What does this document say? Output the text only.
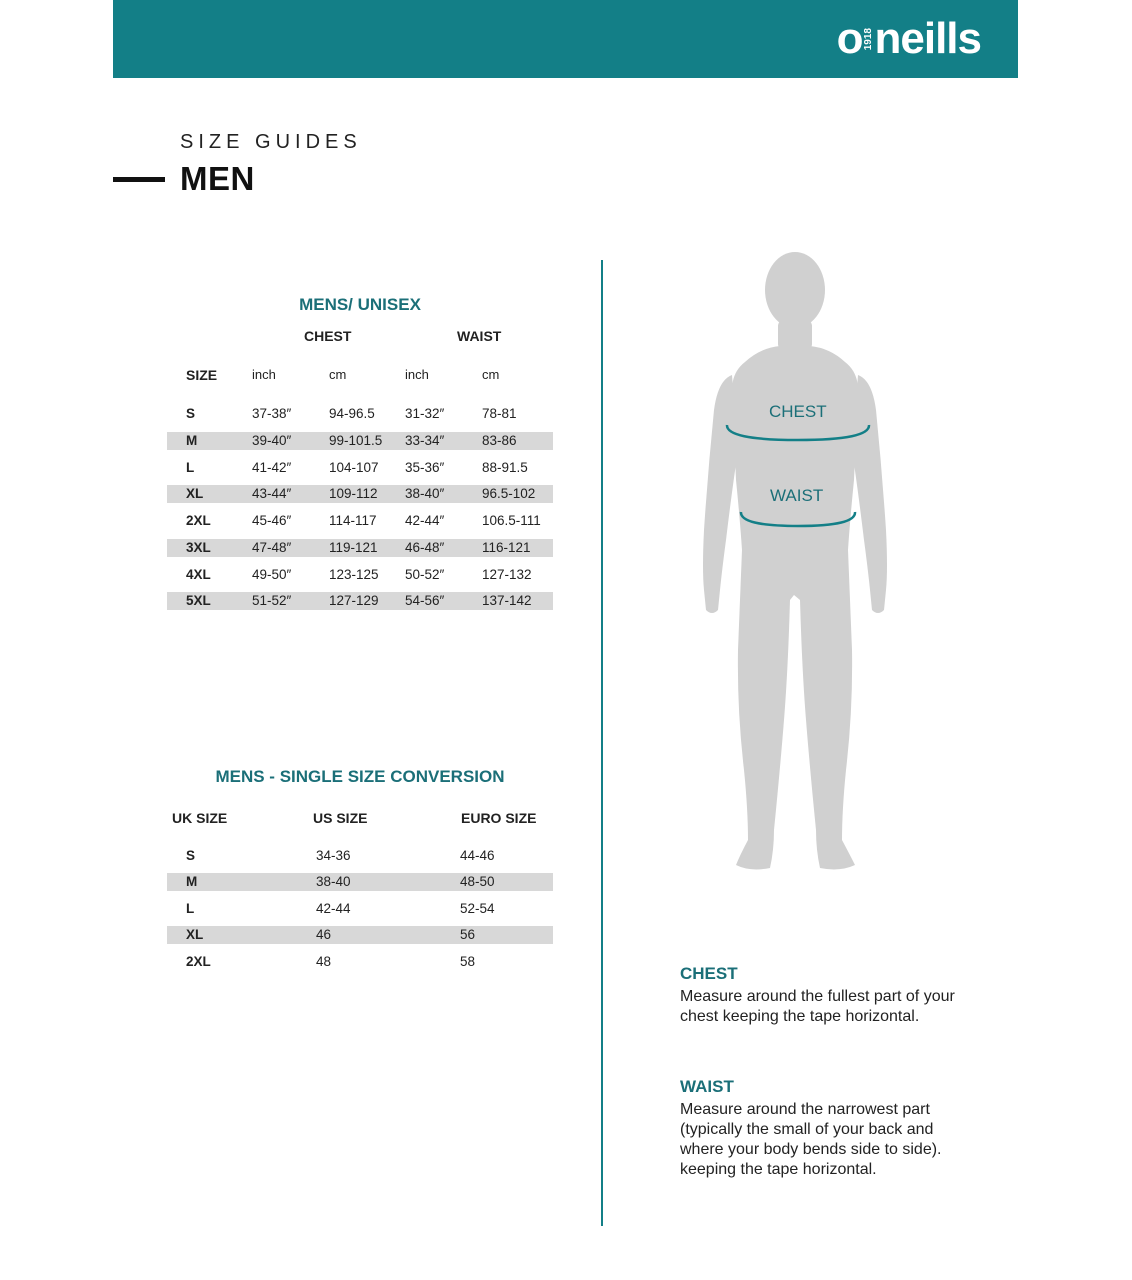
o 1918 neills
SIZE GUIDES
MEN
MENS/ UNISEX
CHEST	WAIST
SIZE	inch	cm	inch	cm
S	37-38″	94-96.5 31-32″	78-81
M	39-40″	99-101.5 33-34″	83-86
L	41-42″	104-107 35-36″	88-91.5
XL	43-44″	109-112 38-40″	96.5-102
2XL	45-46″	114-117 42-44″	106.5-111
3XL	47-48″	119-121 46-48″	116-121
4XL	49-50″	123-125 50-52″	127-132
5XL	51-52″	127-129 54-56″	137-142
MENS - SINGLE SIZE CONVERSION
UK SIZE	US SIZE	EURO SIZE
S	34-36	44-46
M	38-40	48-50
L	42-44	52-54
XL	46	56
2XL	48	58
CHEST
WAIST
CHEST
Measure around the fullest part of your chest keeping the tape horizontal.
WAIST
Measure around the narrowest part (typically the small of your back and where your body bends side to side). keeping the tape horizontal.
